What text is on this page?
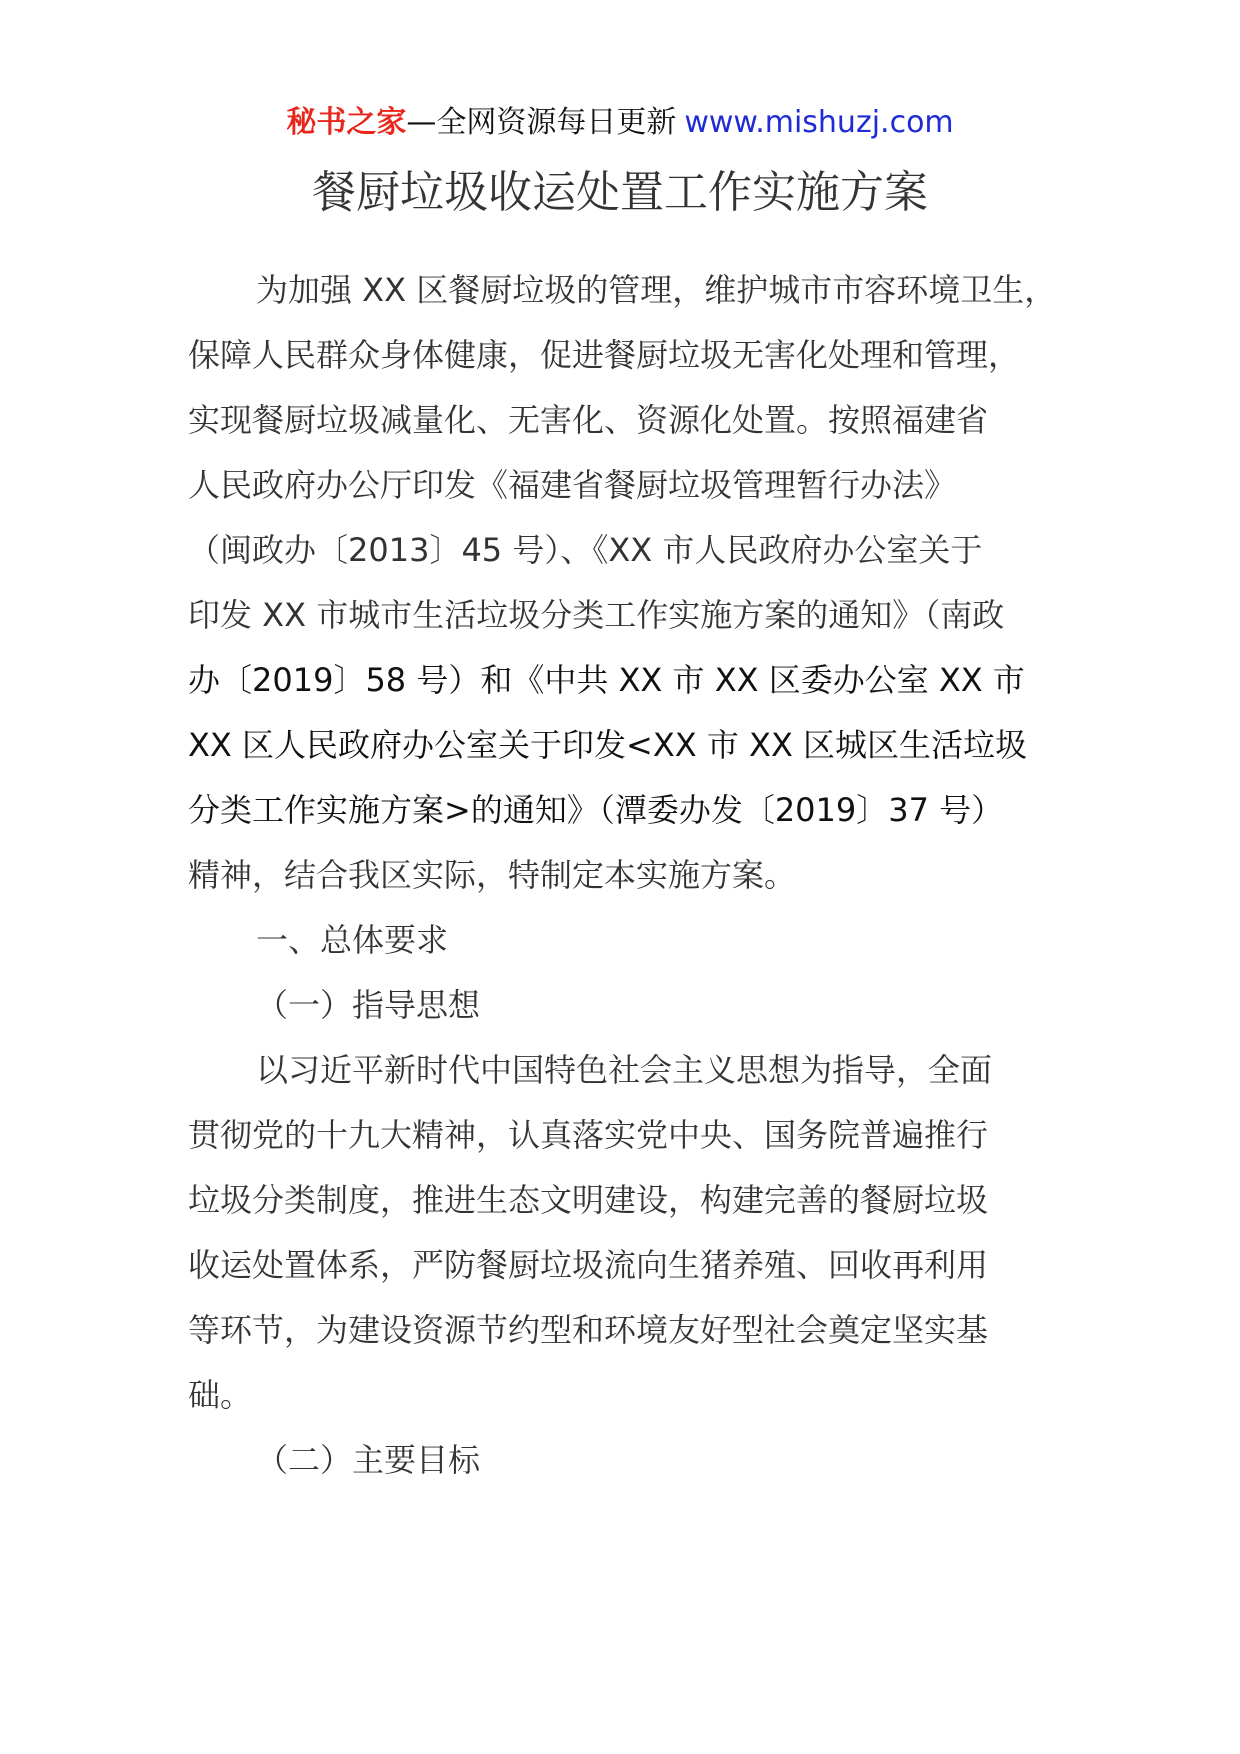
秘书之家—全网资源每日更新 www.mishuzj.com
餐厨垃圾收运处置工作实施方案
为加强 XX 区餐厨垃圾的管理，维护城市市容环境卫生，
保障人民群众身体健康，促进餐厨垃圾无害化处理和管理，
实现餐厨垃圾减量化、无害化、资源化处置。按照福建省
人民政府办公厅印发《福建省餐厨垃圾管理暂行办法》
（闽政办〔2013〕45 号）、《XX 市人民政府办公室关于
印发 XX 市城市生活垃圾分类工作实施方案的通知》（南政
办〔2019〕58 号）和《中共 XX 市 XX 区委办公室 XX 市
XX 区人民政府办公室关于印发<XX 市 XX 区城区生活垃圾
分类工作实施方案>的通知》（潭委办发〔2019〕37 号）
精神，结合我区实际，特制定本实施方案。
一、总体要求
（一）指导思想
以习近平新时代中国特色社会主义思想为指导，全面
贯彻党的十九大精神，认真落实党中央、国务院普遍推行
垃圾分类制度，推进生态文明建设，构建完善的餐厨垃圾
收运处置体系，严防餐厨垃圾流向生猪养殖、回收再利用
等环节，为建设资源节约型和环境友好型社会奠定坚实基
础。
（二）主要目标
